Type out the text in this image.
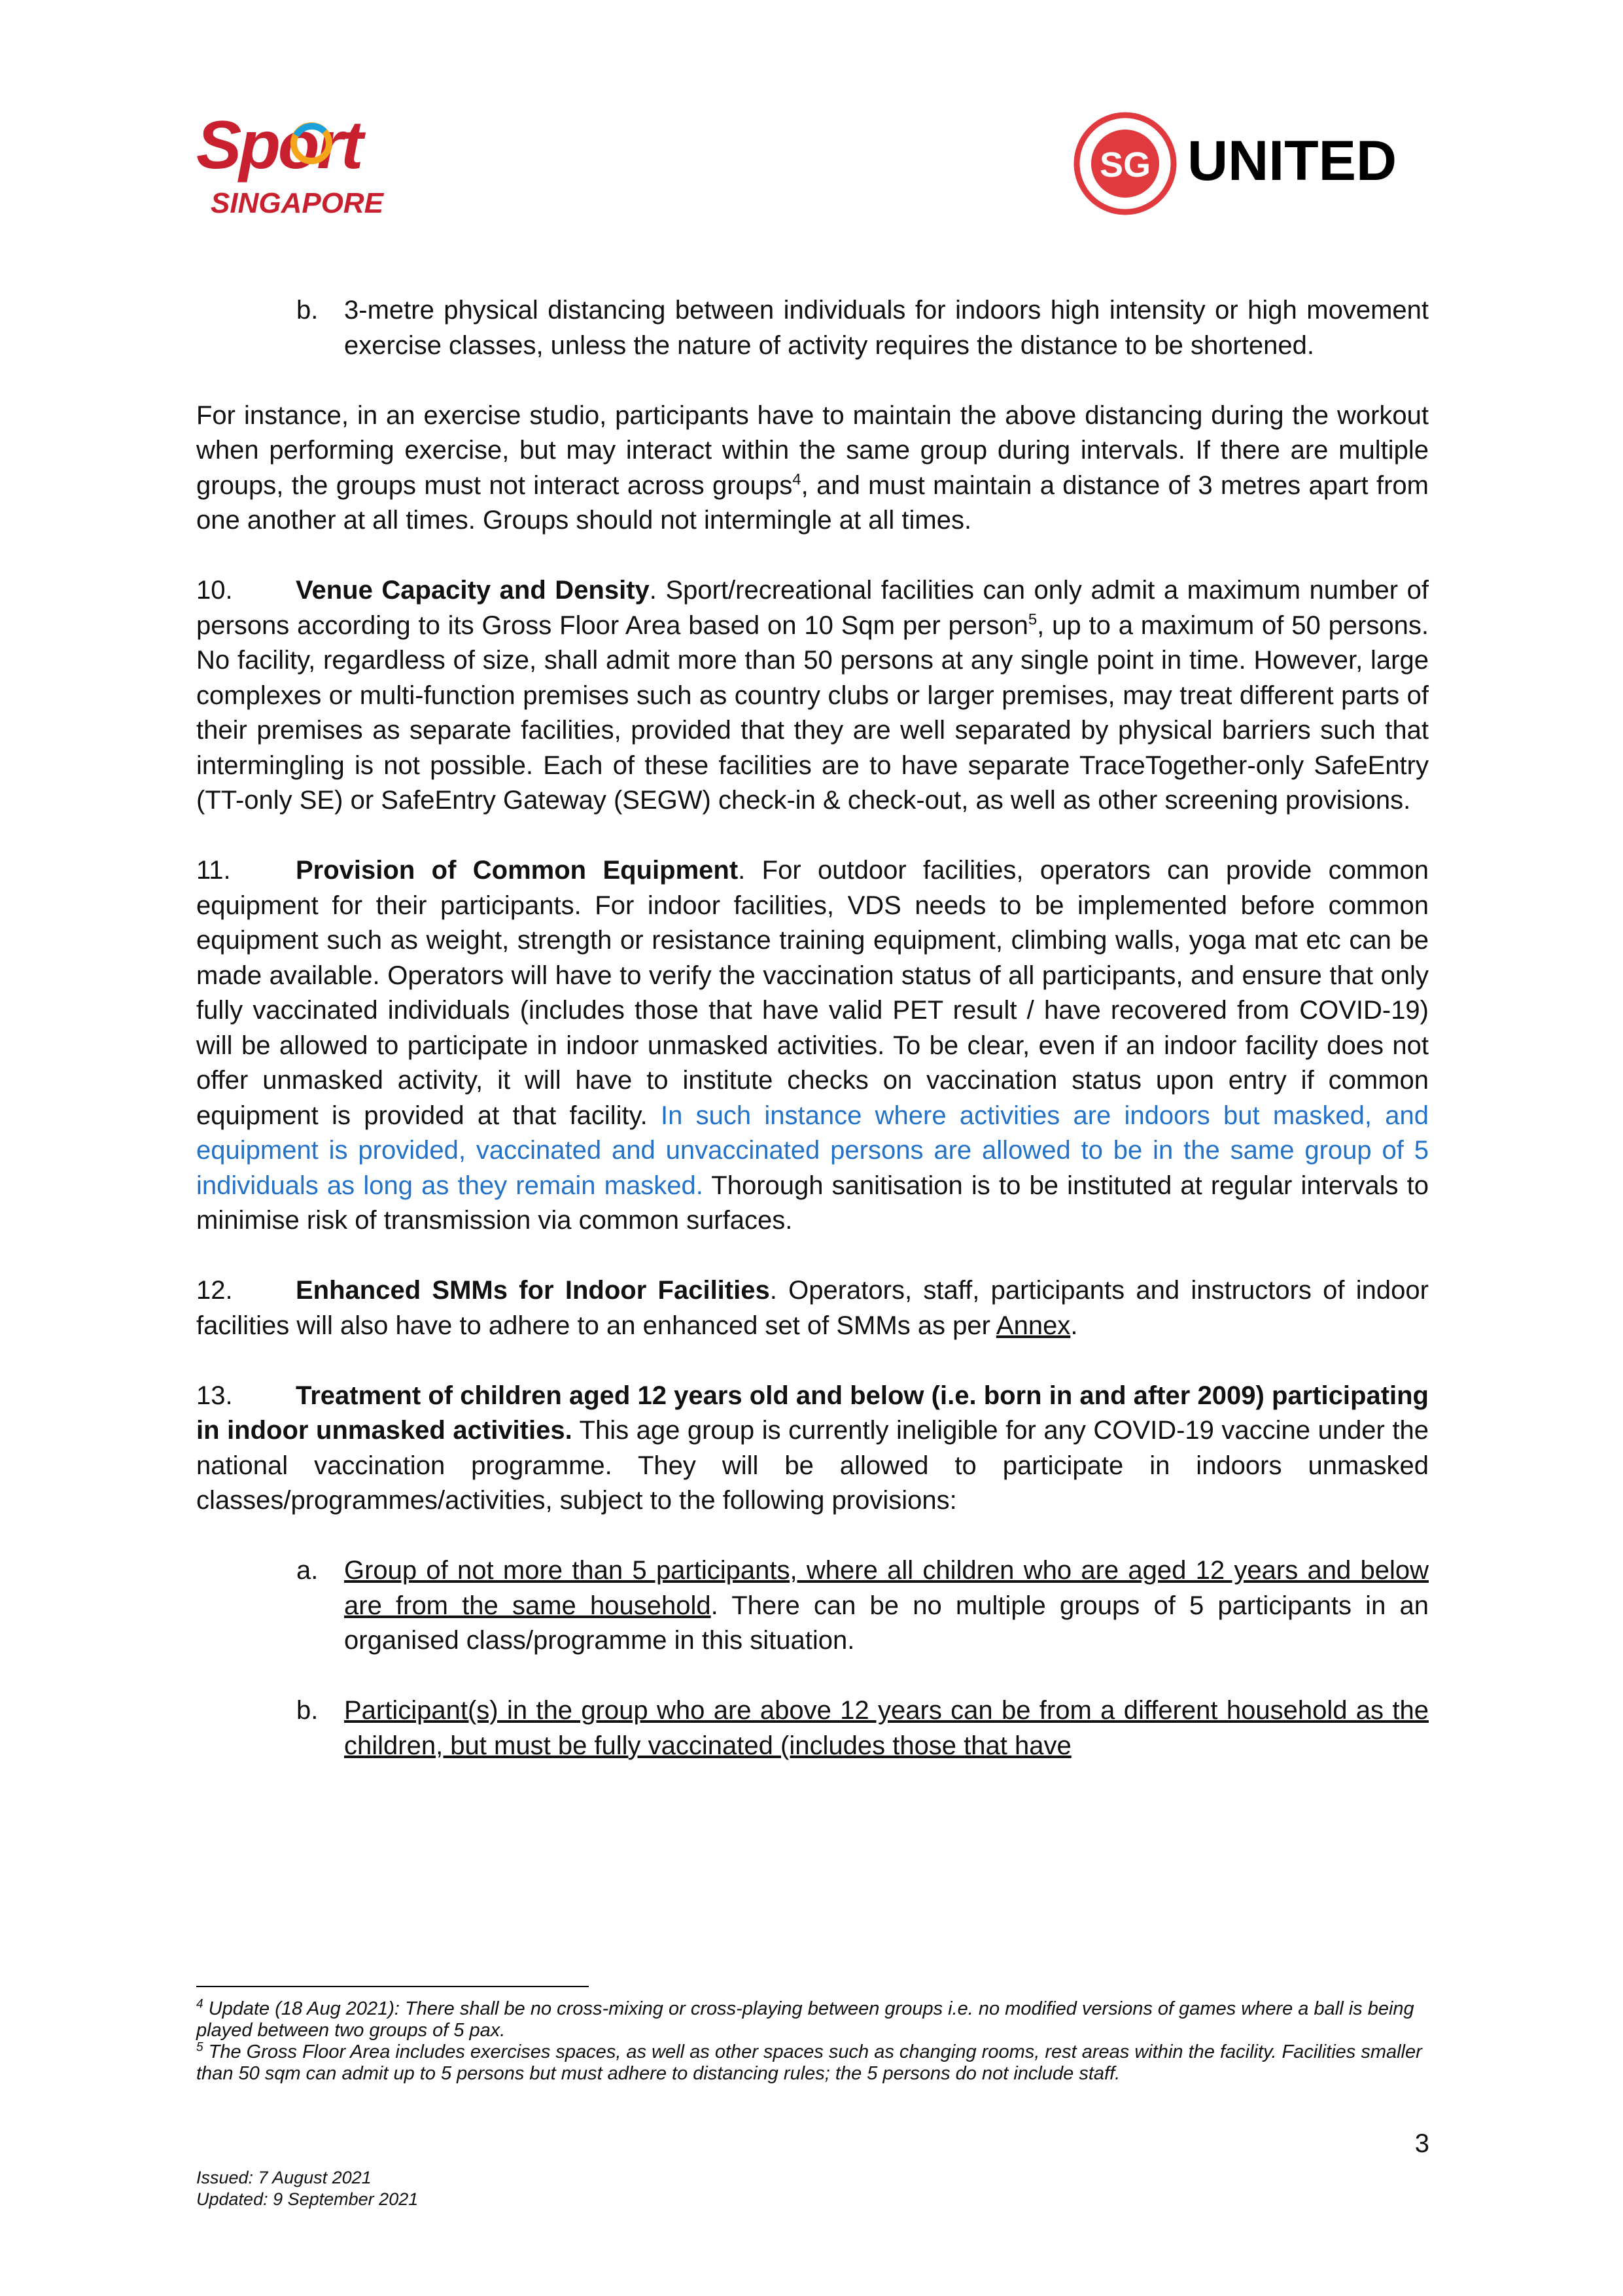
Sport
SINGAPORE
SG UNITED
b. 3-metre physical distancing between individuals for indoors high intensity or high movement exercise classes, unless the nature of activity requires the distance to be shortened.

For instance, in an exercise studio, participants have to maintain the above distancing during the workout when performing exercise, but may interact within the same group during intervals. If there are multiple groups, the groups must not interact across groups$^4$, and must maintain a distance of 3 metres apart from one another at all times. Groups should not intermingle at all times.

10. Venue Capacity and Density. Sport/recreational facilities can only admit a maximum number of persons according to its Gross Floor Area based on 10 Sqm per person$^5$, up to a maximum of 50 persons. No facility, regardless of size, shall admit more than 50 persons at any single point in time. However, large complexes or multi-function premises such as country clubs or larger premises, may treat different parts of their premises as separate facilities, provided that they are well separated by physical barriers such that intermingling is not possible. Each of these facilities are to have separate TraceTogether-only SafeEntry (TT-only SE) or SafeEntry Gateway (SEGW) check-in & check-out, as well as other screening provisions.

11. Provision of Common Equipment. For outdoor facilities, operators can provide common equipment for their participants. For indoor facilities, VDS needs to be implemented before common equipment such as weight, strength or resistance training equipment, climbing walls, yoga mat etc can be made available. Operators will have to verify the vaccination status of all participants, and ensure that only fully vaccinated individuals (includes those that have valid PET result / have recovered from COVID-19) will be allowed to participate in indoor unmasked activities. To be clear, even if an indoor facility does not offer unmasked activity, it will have to institute checks on vaccination status upon entry if common equipment is provided at that facility. In such instance where activities are indoors but masked, and equipment is provided, vaccinated and unvaccinated persons are allowed to be in the same group of 5 individuals as long as they remain masked. Thorough sanitisation is to be instituted at regular intervals to minimise risk of transmission via common surfaces.

12. Enhanced SMMs for Indoor Facilities. Operators, staff, participants and instructors of indoor facilities will also have to adhere to an enhanced set of SMMs as per Annex.

13. Treatment of children aged 12 years old and below (i.e. born in and after 2009) participating in indoor unmasked activities. This age group is currently ineligible for any COVID-19 vaccine under the national vaccination programme. They will be allowed to participate in indoors unmasked classes/programmes/activities, subject to the following provisions:

a. Group of not more than 5 participants, where all children who are aged 12 years and below are from the same household. There can be no multiple groups of 5 participants in an organised class/programme in this situation.
b. Participant(s) in the group who are above 12 years can be from a different household as the children, but must be fully vaccinated (includes those that have

$^4$ Update (18 Aug 2021): There shall be no cross-mixing or cross-playing between groups i.e. no modified versions of games where a ball is being played between two groups of 5 pax.

$^5$ The Gross Floor Area includes exercises spaces, as well as other spaces such as changing rooms, rest areas within the facility. Facilities smaller than 50 sqm can admit up to 5 persons but must adhere to distancing rules; the 5 persons do not include staff.

3
Issued: 7 August 2021
Updated: 9 September 2021
